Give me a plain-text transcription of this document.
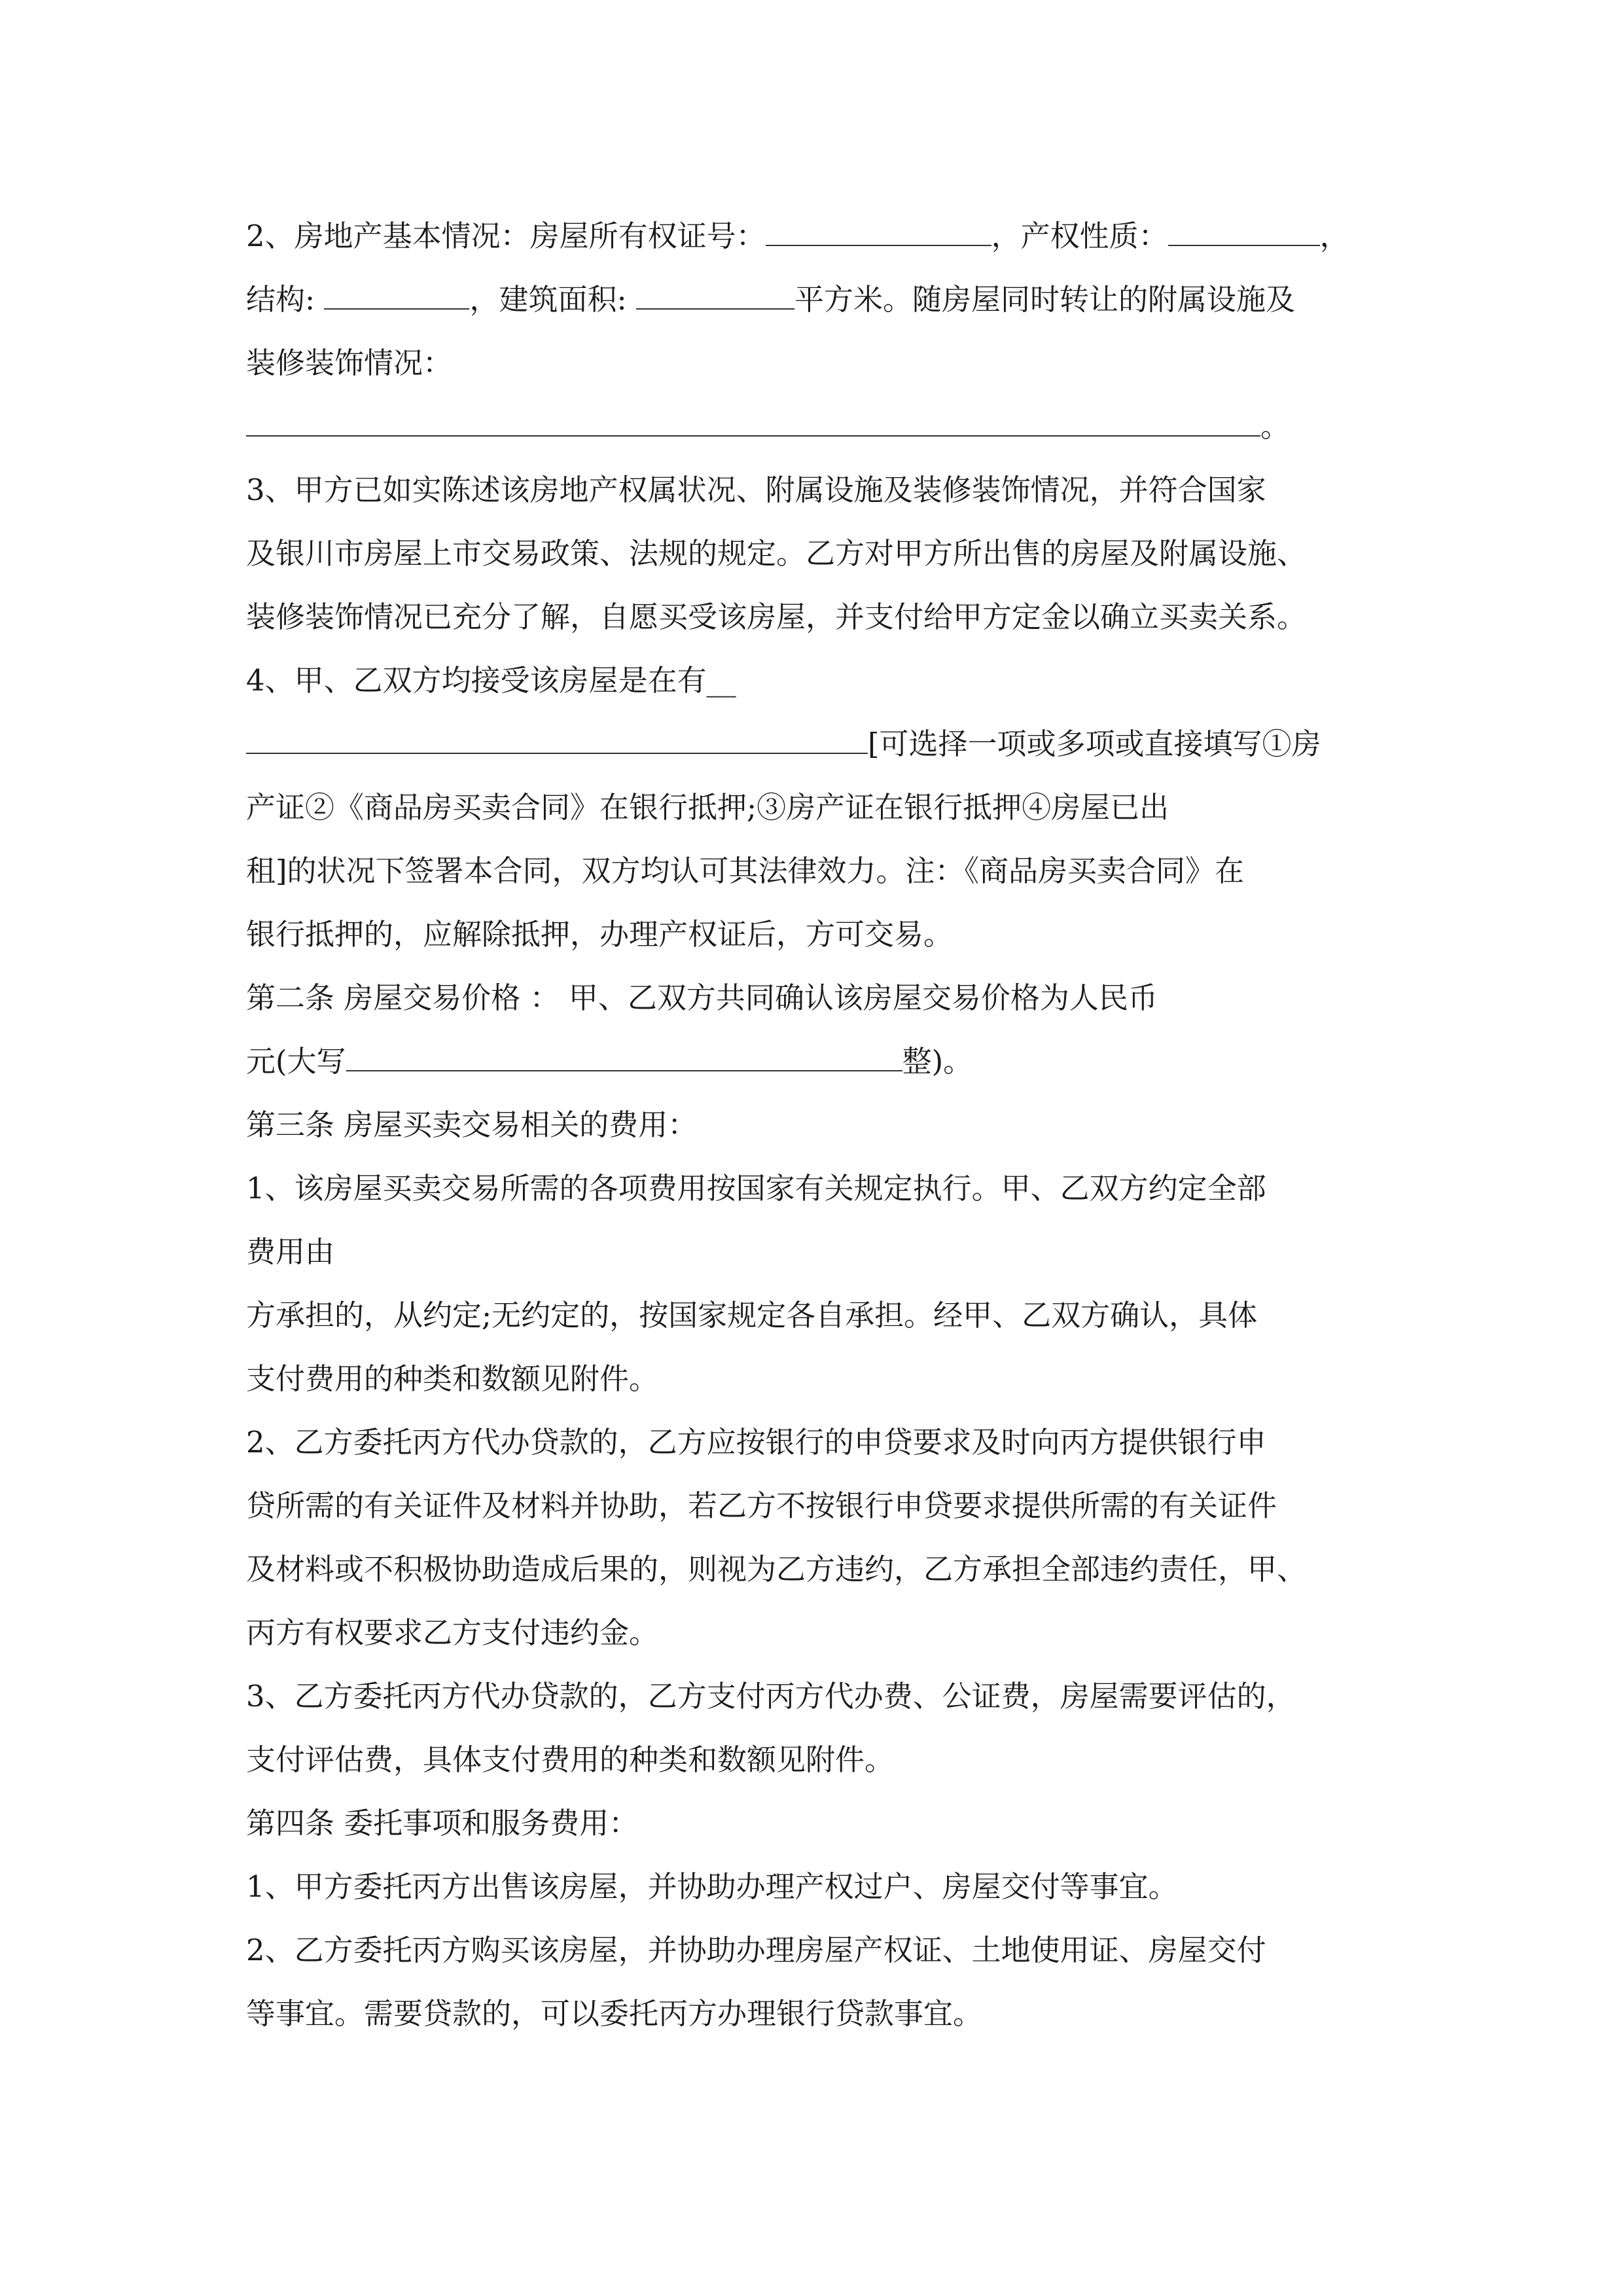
2、房地产基本情况：房屋所有权证号：	，产权性质：	，
结构:	，建筑面积:	平方米。随房屋同时转让的附属设施及
装修装饰情况：
。
3、甲方已如实陈述该房地产权属状况、附属设施及装修装饰情况，并符合国家
及银川市房屋上市交易政策、法规的规定。乙方对甲方所出售的房屋及附属设施、
装修装饰情况已充分了解，自愿买受该房屋，并支付给甲方定金以确立买卖关系。
4、甲、乙双方均接受该房屋是在有__
[可选择一项或多项或直接填写①房
产证②《商品房买卖合同》在银行抵押;③房产证在银行抵押④房屋已出
租]的状况下签署本合同，双方均认可其法律效力。注：《商品房买卖合同》在
银行抵押的，应解除抵押，办理产权证后，方可交易。
第二条 房屋交易价格 ： 甲、乙双方共同确认该房屋交易价格为人民币
元(大写	整)。
第三条 房屋买卖交易相关的费用：
1、该房屋买卖交易所需的各项费用按国家有关规定执行。甲、乙双方约定全部
费用由
方承担的，从约定;无约定的，按国家规定各自承担。经甲、乙双方确认，具体
支付费用的种类和数额见附件。
2、乙方委托丙方代办贷款的，乙方应按银行的申贷要求及时向丙方提供银行申
贷所需的有关证件及材料并协助，若乙方不按银行申贷要求提供所需的有关证件
及材料或不积极协助造成后果的，则视为乙方违约，乙方承担全部违约责任，甲、
丙方有权要求乙方支付违约金。
3、乙方委托丙方代办贷款的，乙方支付丙方代办费、公证费，房屋需要评估的，
支付评估费，具体支付费用的种类和数额见附件。
第四条 委托事项和服务费用：
1、甲方委托丙方出售该房屋，并协助办理产权过户、房屋交付等事宜。
2、乙方委托丙方购买该房屋，并协助办理房屋产权证、土地使用证、房屋交付
等事宜。需要贷款的，可以委托丙方办理银行贷款事宜。
